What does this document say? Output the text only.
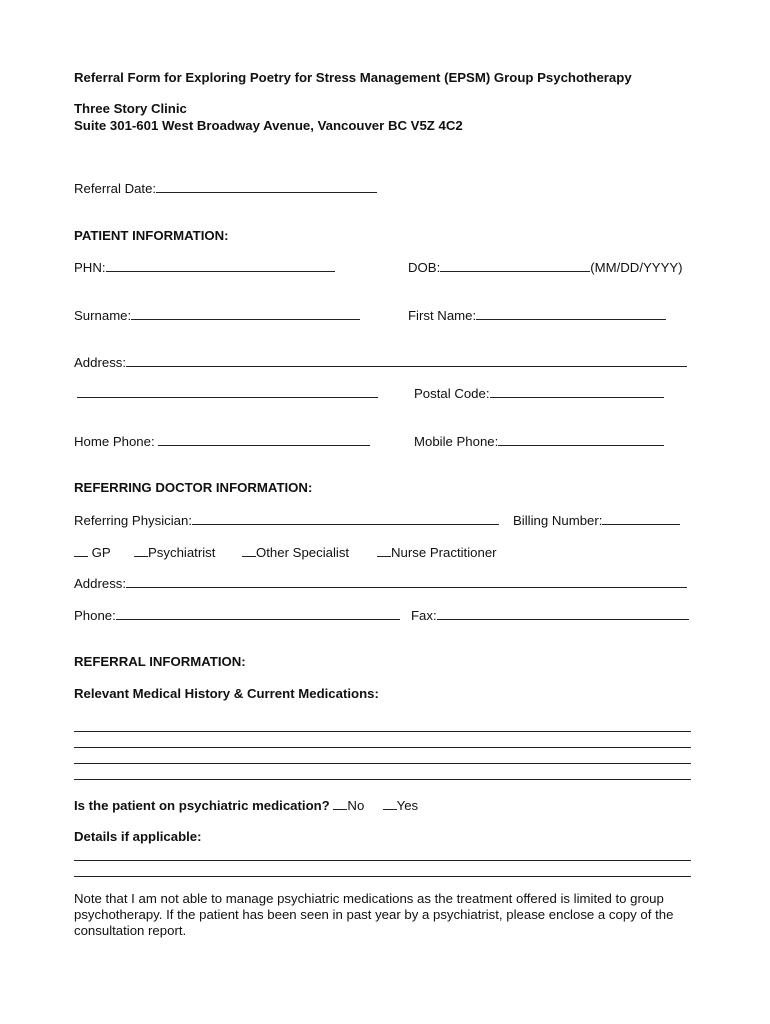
Referral Form for Exploring Poetry for Stress Management (EPSM) Group Psychotherapy
Three Story Clinic
Suite 301-601 West Broadway Avenue, Vancouver BC V5Z 4C2
Referral Date:
PATIENT INFORMATION:
PHN:	DOB:	(MM/DD/YYYY)
Surname:	First Name:
Address:
Postal Code:
Home Phone:	Mobile Phone:
REFERRING DOCTOR INFORMATION:
Referring Physician:	Billing Number:
GP	Psychiatrist	Other Specialist	Nurse Practitioner
Address:
Phone:	Fax:
REFERRAL INFORMATION:
Relevant Medical History & Current Medications:
Is the patient on psychiatric medication? No Yes
Details if applicable:
Note that I am not able to manage psychiatric medications as the treatment offered is limited to group psychotherapy. If the patient has been seen in past year by a psychiatrist, please enclose a copy of the consultation report.
